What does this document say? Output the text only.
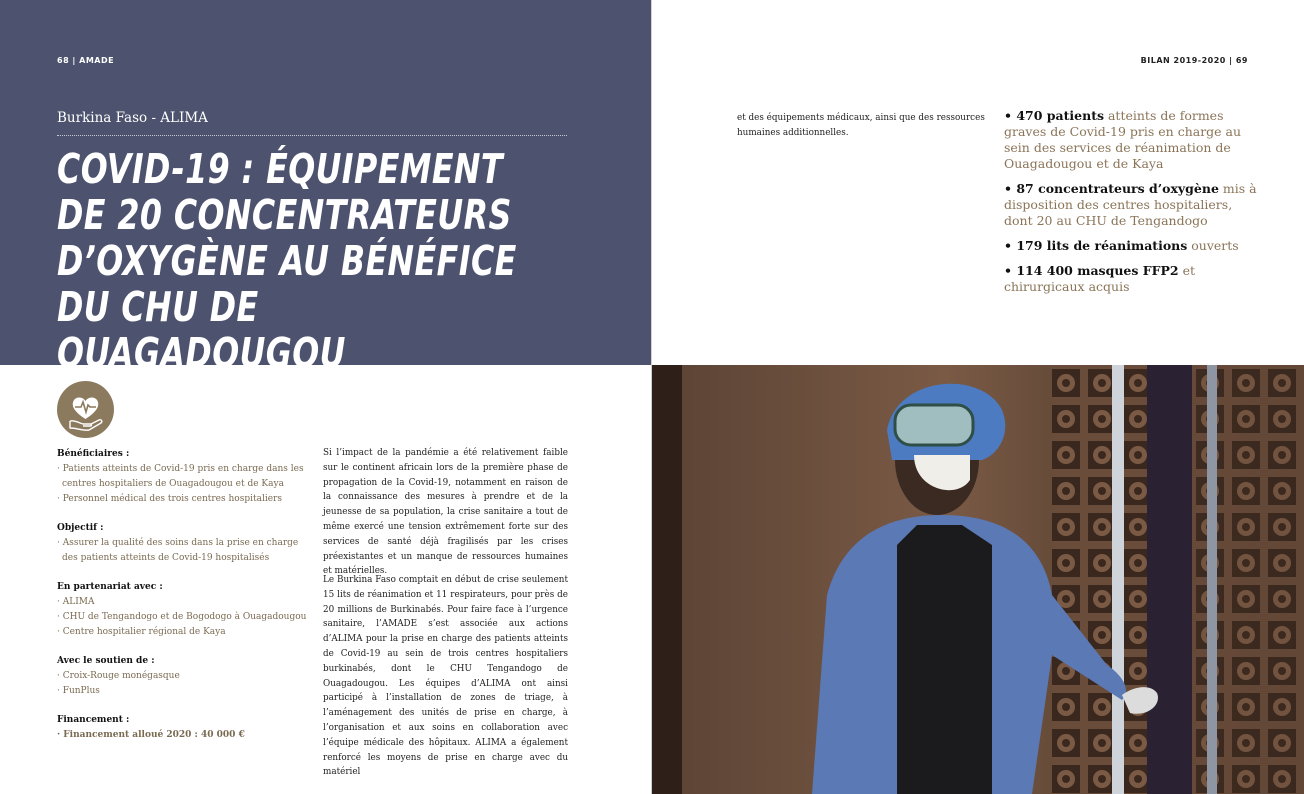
68 | AMADE	BILAN 2019-2020 | 69
Burkina Faso - ALIMA
COVID-19 : ÉQUIPEMENT DE 20 CONCENTRATEURS D’OXYGÈNE AU BÉNÉFICE DU CHU DE OUAGADOUGOU

Bénéficiaires :

· Patients atteints de Covid-19 pris en charge dans les centres hospitaliers de Ouagadougou et de Kaya

· Personnel médical des trois centres hospitaliers

Objectif :

· Assurer la qualité des soins dans la prise en charge des patients atteints de Covid-19 hospitalisés

En partenariat avec :

· ALIMA

· CHU de Tengandogo et de Bogodogo à Ouagadougou

· Centre hospitalier régional de Kaya

Avec le soutien de :

· Croix-Rouge monégasque

· FunPlus

Financement :

· Financement alloué 2020 : 40 000 €

Si l’impact de la pandémie a été relativement faible sur le continent africain lors de la première phase de propagation de la Covid-19, notamment en raison de la connaissance des mesures à prendre et de la jeunesse de sa population, la crise sanitaire a tout de même exercé une tension extrêmement forte sur des services de santé déjà fragilisés par les crises préexistantes et un manque de ressources humaines et matérielles.

Le Burkina Faso comptait en début de crise seulement 15 lits de réanimation et 11 respirateurs, pour près de 20 millions de Burkinabés. Pour faire face à l’urgence sanitaire, l’AMADE s’est associée aux actions d’ALIMA pour la prise en charge des patients atteints de Covid-19 au sein de trois centres hospitaliers burkinabés, dont le CHU Tengandogo de Ouagadougou. Les équipes d’ALIMA ont ainsi participé à l’installation de zones de triage, à l’aménagement des unités de prise en charge, à l’organisation et aux soins en collaboration avec l’équipe médicale des hôpitaux. ALIMA a également renforcé les moyens de prise en charge avec du matériel

et des équipements médicaux, ainsi que des ressources humaines additionnelles.

• 470 patients atteints de formes graves de Covid-19 pris en charge au sein des services de réanimation de Ouagadougou et de Kaya

• 87 concentrateurs d’oxygène mis à disposition des centres hospitaliers, dont 20 au CHU de Tengandogo

• 179 lits de réanimations ouverts

• 114 400 masques FFP2 et chirurgicaux acquis
